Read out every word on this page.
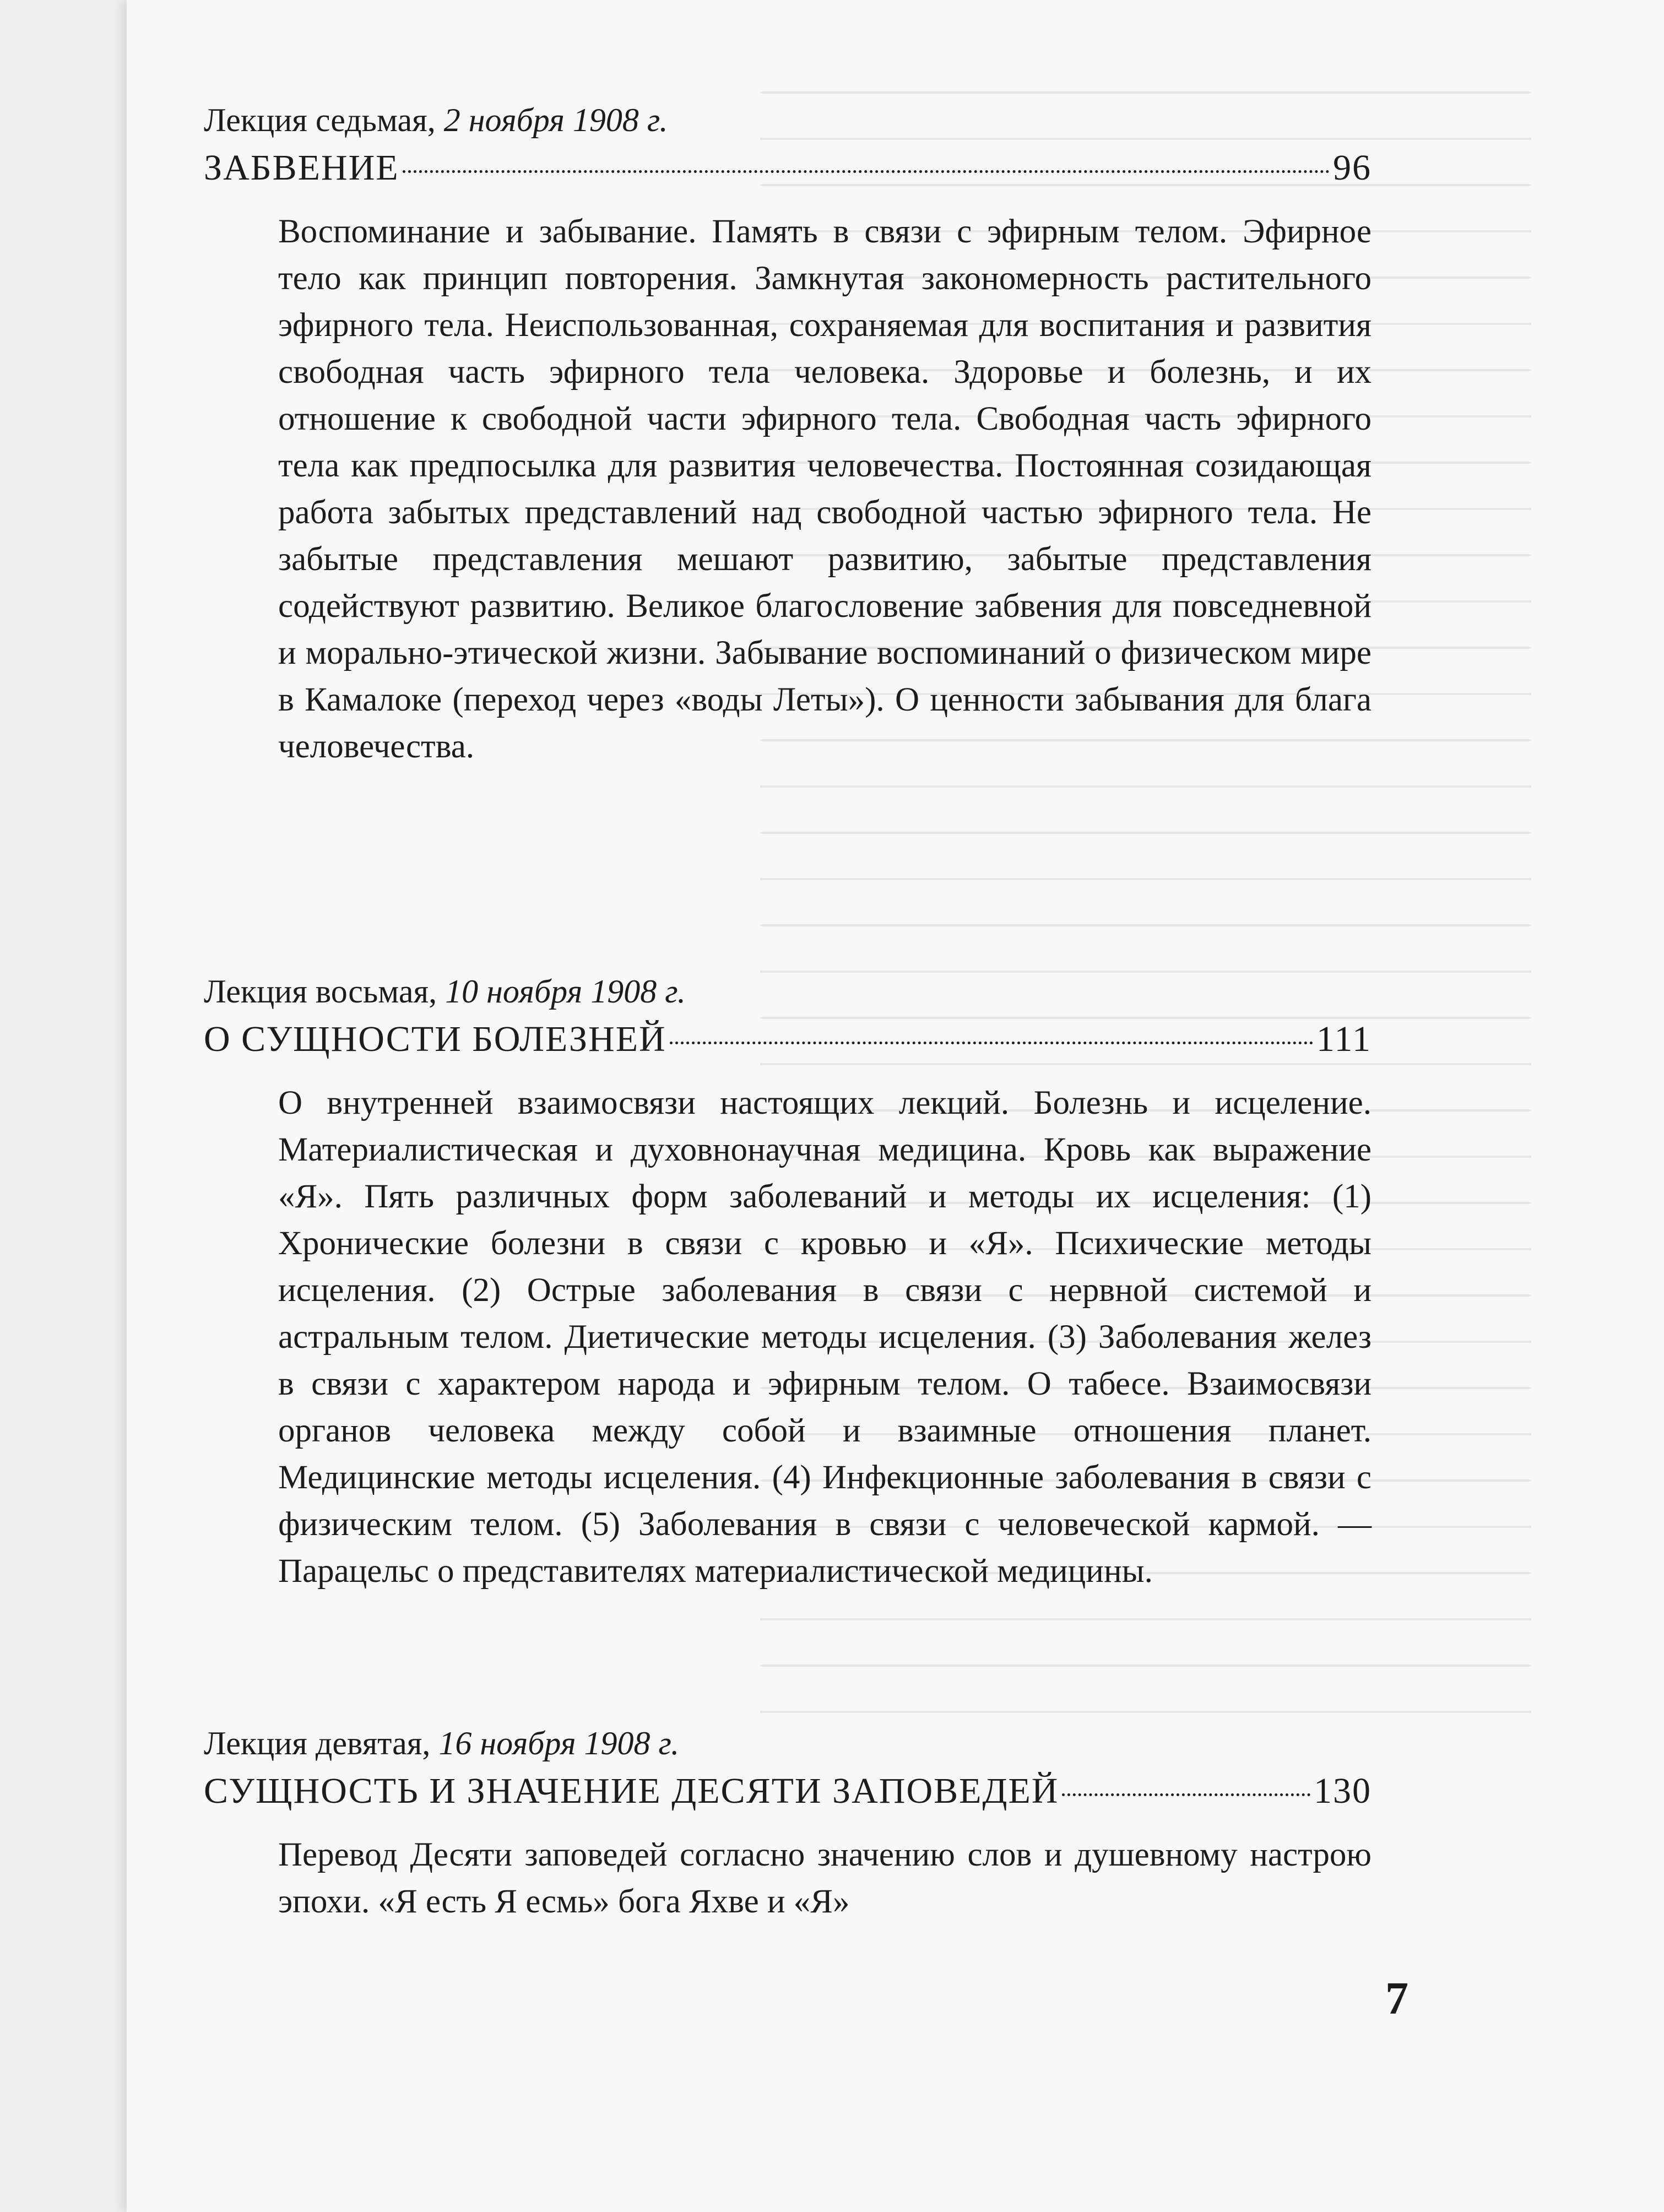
Лекция седьмая, 2 ноября 1908 г.

ЗАБВЕНИЕ	96

Воспоминание и забывание. Память в связи с эфирным телом. Эфирное тело как принцип повторения. Замкнутая закономерность растительного эфирного тела. Неиспользованная, сохраняемая для воспитания и развития свободная часть эфирного тела человека. Здоровье и болезнь, и их отношение к свободной части эфирного тела. Свободная часть эфирного тела как предпосылка для развития человечества. Постоянная созидающая работа забытых представлений над свободной частью эфирного тела. Не забытые представления мешают развитию, забытые представления содействуют развитию. Великое благословение забвения для повседневной и морально-этической жизни. Забывание воспоминаний о физическом мире в Камалоке (переход через «воды Леты»). О ценности забывания для блага человечества.

Лекция восьмая, 10 ноября 1908 г.

О СУЩНОСТИ БОЛЕЗНЕЙ	111

О внутренней взаимосвязи настоящих лекций. Болезнь и исцеление. Материалистическая и духовнонаучная медицина. Кровь как выражение «Я». Пять различных форм заболеваний и методы их исцеления: (1) Хронические болезни в связи с кровью и «Я». Психические методы исцеления. (2) Острые заболевания в связи с нервной системой и астральным телом. Диетические методы исцеления. (3) Заболевания желез в связи с характером народа и эфирным телом. О табесе. Взаимосвязи органов человека между собой и взаимные отношения планет. Медицинские методы исцеления. (4) Инфекционные заболевания в связи с физическим телом. (5) Заболевания в связи с человеческой кармой. — Парацельс о представителях материалистической медицины.

Лекция девятая, 16 ноября 1908 г.

СУЩНОСТЬ И ЗНАЧЕНИЕ ДЕСЯТИ ЗАПОВЕДЕЙ	130

Перевод Десяти заповедей согласно значению слов и душевному настрою эпохи. «Я есть Я есмь» бога Яхве и «Я»

7
